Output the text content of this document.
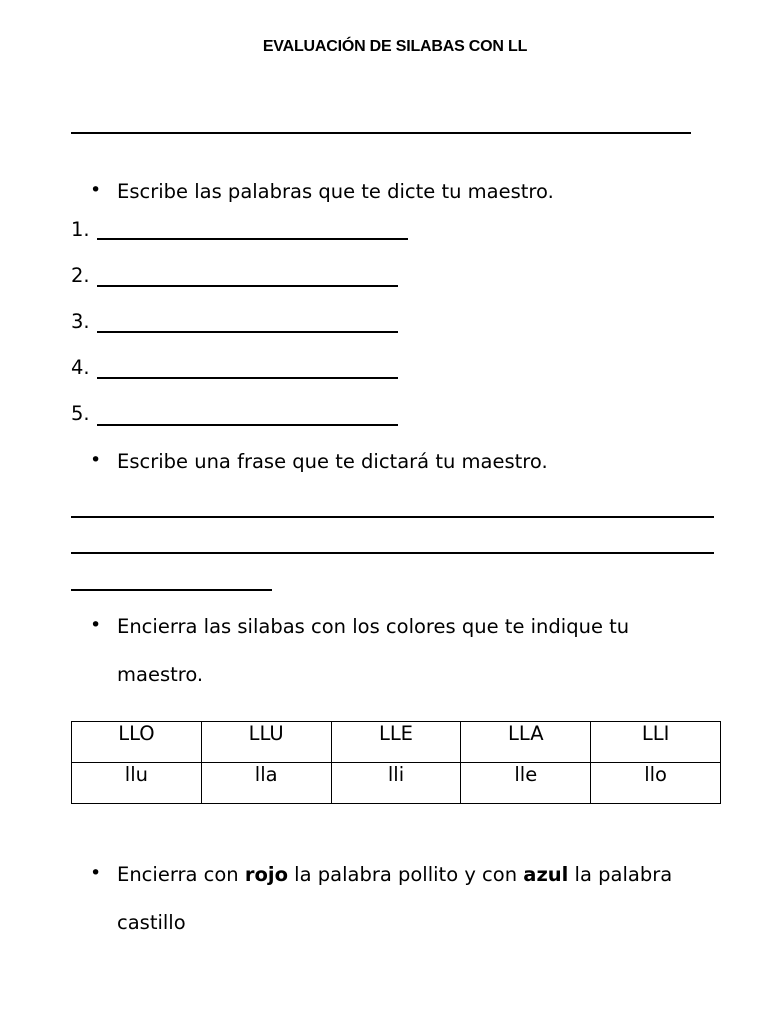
EVALUACIÓN DE SILABAS CON LL
• Escribe las palabras que te dicte tu maestro.
1.
2.
3.
4.
5.
• Escribe una frase que te dictará tu maestro.
• Encierra las silabas con los colores que te indique tu
maestro.
LLO	LLU	LLE	LLA	LLI
llu	lla	lli	lle	llo
• Encierra con rojo la palabra pollito y con azul la palabra
castillo
